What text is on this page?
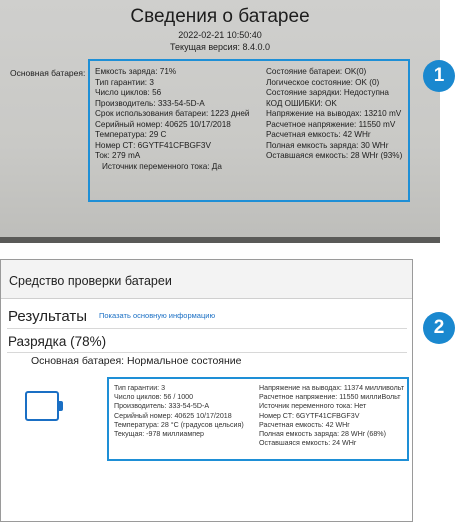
Сведения о батарее
2022-02-21 10:50:40
Текущая версия: 8.4.0.0
Основная батарея: Емкость заряда: 71%
Тип гарантии: 3
Число циклов: 56
Производитель: 333-54-5D-A
Срок использования батареи: 1223 дней
Серийный номер: 40625 10/17/2018
Температура: 29 C
Номер СТ: 6GYTF41CFBGF3V
Ток: 279 mA
Источник переменного тока: Да
Состояние батареи: OK(0)
Логическое состояние: OK (0)
Состояние зарядки: Недоступна
КОД ОШИБКИ: OK
Напряжение на выводах: 13210 mV
Расчетное напряжение: 11550 mV
Расчетная емкость: 42 WHr
Полная емкость заряда: 30 WHr
Оставшаяся емкость: 28 WHr (93%)
1
2
Средство проверки батареи
Результаты Показать основную информацию
Разрядка (78%)
Основная батарея: Нормальное состояние
Тип гарантии: 3
Число циклов: 56 / 1000
Производитель: 333-54-5D-A
Серийный номер: 40625 10/17/2018
Температура: 28 °C (градусов цельсия)
Текущая: -978 миллиампер
Напряжение на выводах: 11374 милливольт
Расчетное напряжение: 11550 миллиВольт
Источник переменного тока: Нет
Номер СТ: 6GYTF41CFBGF3V
Расчетная емкость: 42 WHr
Полная емкость заряда: 28 WHr (68%)
Оставшаяся емкость: 24 WHr
